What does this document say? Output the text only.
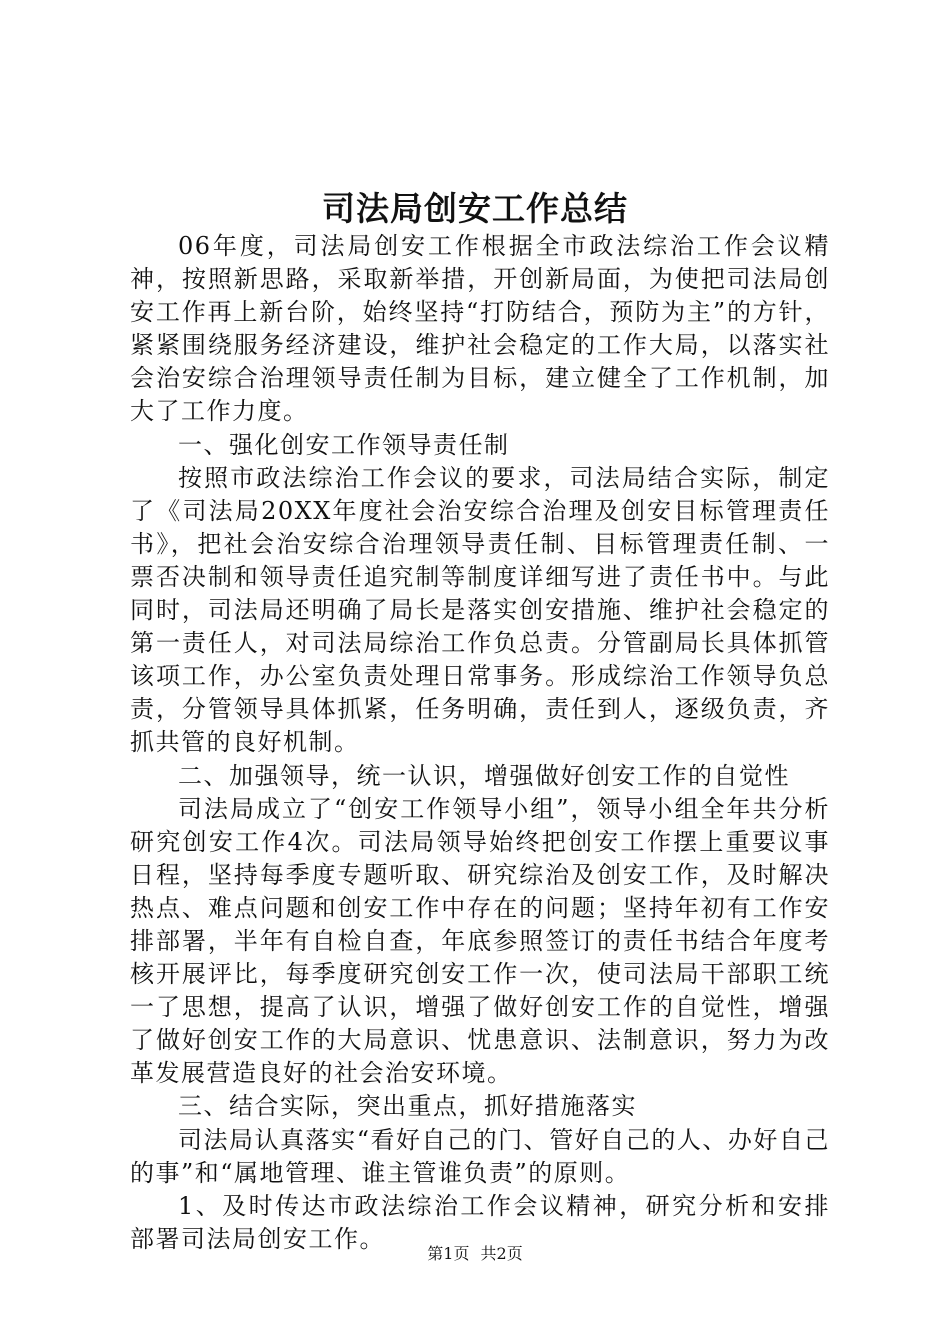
司法局创安工作总结

06年度，司法局创安工作根据全市政法综治工作会议精神，按照新思路，采取新举措，开创新局面，为使把司法局创安工作再上新台阶，始终坚持“打防结合，预防为主”的方针，紧紧围绕服务经济建设，维护社会稳定的工作大局，以落实社会治安综合治理领导责任制为目标，建立健全了工作机制，加大了工作力度。

一、强化创安工作领导责任制

按照市政法综治工作会议的要求，司法局结合实际，制定了《司法局20XX年度社会治安综合治理及创安目标管理责任书》，把社会治安综合治理领导责任制、目标管理责任制、一票否决制和领导责任追究制等制度详细写进了责任书中。与此同时，司法局还明确了局长是落实创安措施、维护社会稳定的第一责任人，对司法局综治工作负总责。分管副局长具体抓管该项工作，办公室负责处理日常事务。形成综治工作领导负总责，分管领导具体抓紧，任务明确，责任到人，逐级负责，齐抓共管的良好机制。

二、加强领导，统一认识，增强做好创安工作的自觉性

司法局成立了“创安工作领导小组”，领导小组全年共分析研究创安工作4次。司法局领导始终把创安工作摆上重要议事日程，坚持每季度专题听取、研究综治及创安工作，及时解决热点、难点问题和创安工作中存在的问题；坚持年初有工作安排部署，半年有自检自查，年底参照签订的责任书结合年度考核开展评比，每季度研究创安工作一次，使司法局干部职工统一了思想，提高了认识，增强了做好创安工作的自觉性，增强了做好创安工作的大局意识、忧患意识、法制意识，努力为改革发展营造良好的社会治安环境。

三、结合实际，突出重点，抓好措施落实

司法局认真落实“看好自己的门、管好自己的人、办好自己的事”和“属地管理、谁主管谁负责”的原则。

1、及时传达市政法综治工作会议精神，研究分析和安排部署司法局创安工作。

第1页 共2页
